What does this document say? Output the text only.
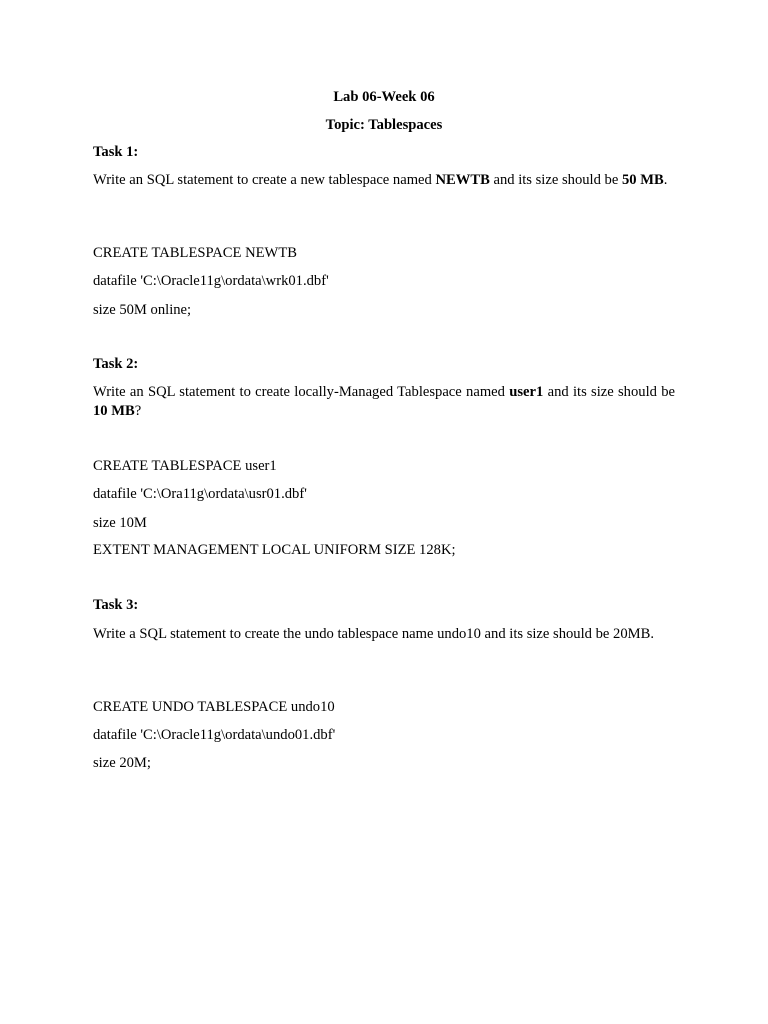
Lab 06-Week 06

Topic: Tablespaces

Task 1:

Write an SQL statement to create a new tablespace named NEWTB and its size should be 50 MB.

CREATE TABLESPACE NEWTB

datafile 'C:\Oracle11g\ordata\wrk01.dbf'

size 50M online;

Task 2:

Write an SQL statement to create locally-Managed Tablespace named user1 and its size should be 10 MB?

CREATE TABLESPACE user1

datafile 'C:\Ora11g\ordata\usr01.dbf'

size 10M

EXTENT MANAGEMENT LOCAL UNIFORM SIZE 128K;

Task 3:

Write a SQL statement to create the undo tablespace name undo10 and its size should be 20MB.

CREATE UNDO TABLESPACE undo10

datafile 'C:\Oracle11g\ordata\undo01.dbf'

size 20M;
